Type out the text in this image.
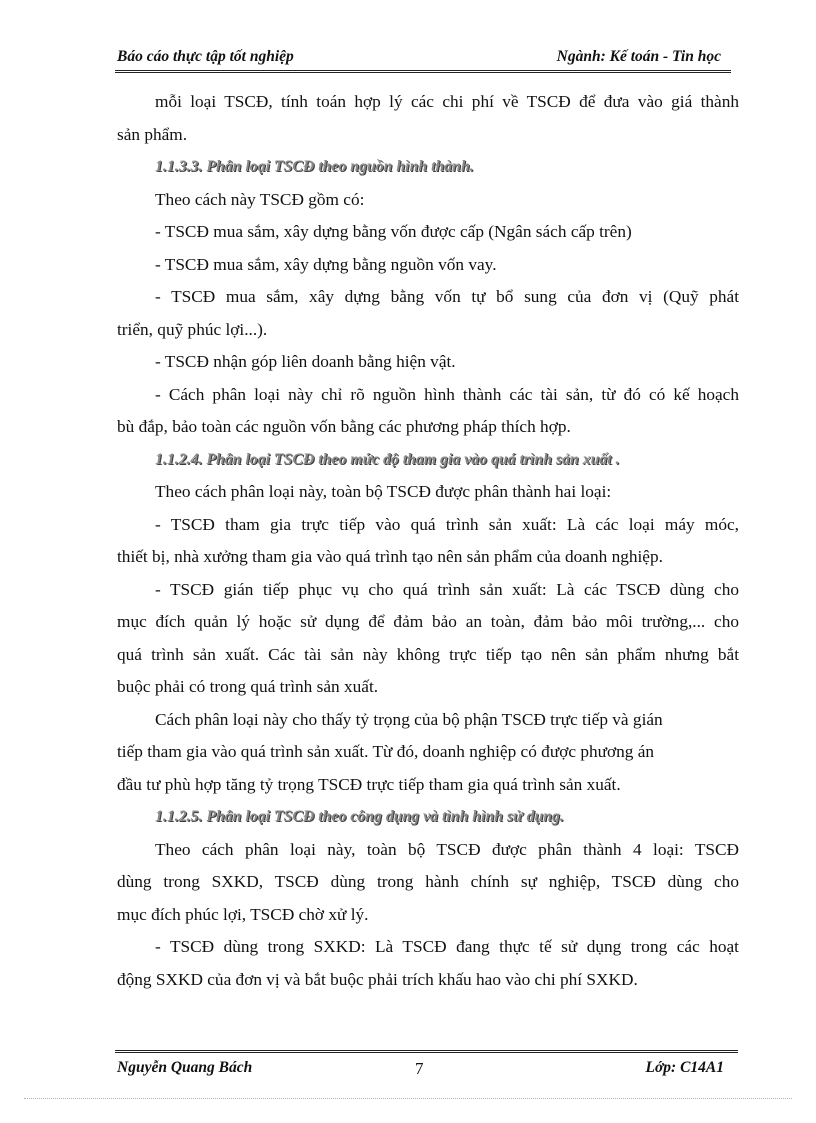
Báo cáo thực tập tốt nghiệp	Ngành: Kế toán - Tin học

mỗi loại TSCĐ, tính toán hợp lý các chi phí về TSCĐ để đưa vào giá thành

sản phẩm.

1.1.3.3. Phân loại TSCĐ theo nguồn hình thành.

Theo cách này TSCĐ gồm có:

- TSCĐ mua sắm, xây dựng bằng vốn được cấp (Ngân sách cấp trên)

- TSCĐ mua sắm, xây dựng bằng nguồn vốn vay.

- TSCĐ mua sắm, xây dựng bằng vốn tự bổ sung của đơn vị (Quỹ phát

triển, quỹ phúc lợi...).

- TSCĐ nhận góp liên doanh bằng hiện vật.

- Cách phân loại này chỉ rõ nguồn hình thành các tài sản, từ đó có kế hoạch

bù đắp, bảo toàn các nguồn vốn bằng các phương pháp thích hợp.

1.1.2.4. Phân loại TSCĐ theo mức độ tham gia vào quá trình sản xuất .

Theo cách phân loại này, toàn bộ TSCĐ được phân thành hai loại:

- TSCĐ tham gia trực tiếp vào quá trình sản xuất: Là các loại máy móc,

thiết bị, nhà xưởng tham gia vào quá trình tạo nên sản phẩm của doanh nghiệp.

- TSCĐ gián tiếp phục vụ cho quá trình sản xuất: Là các TSCĐ dùng cho

mục đích quản lý hoặc sử dụng để đảm bảo an toàn, đảm bảo môi trường,... cho

quá trình sản xuất. Các tài sản này không trực tiếp tạo nên sản phẩm nhưng bắt

buộc phải có trong quá trình sản xuất.

Cách phân loại này cho thấy tỷ trọng của bộ phận TSCĐ trực tiếp và gián

tiếp tham gia vào quá trình sản xuất. Từ đó, doanh nghiệp có được phương án

đầu tư phù hợp tăng tỷ trọng TSCĐ trực tiếp tham gia quá trình sản xuất.

1.1.2.5. Phân loại TSCĐ theo công dụng và tình hình sử dụng.

Theo cách phân loại này, toàn bộ TSCĐ được phân thành 4 loại: TSCĐ

dùng trong SXKD, TSCĐ dùng trong hành chính sự nghiệp, TSCĐ dùng cho

mục đích phúc lợi, TSCĐ chờ xử lý.

- TSCĐ dùng trong SXKD: Là TSCĐ đang thực tế sử dụng trong các hoạt

động SXKD của đơn vị và bắt buộc phải trích khấu hao vào chi phí SXKD.

Nguyễn Quang Bách	7	Lớp: C14A1
